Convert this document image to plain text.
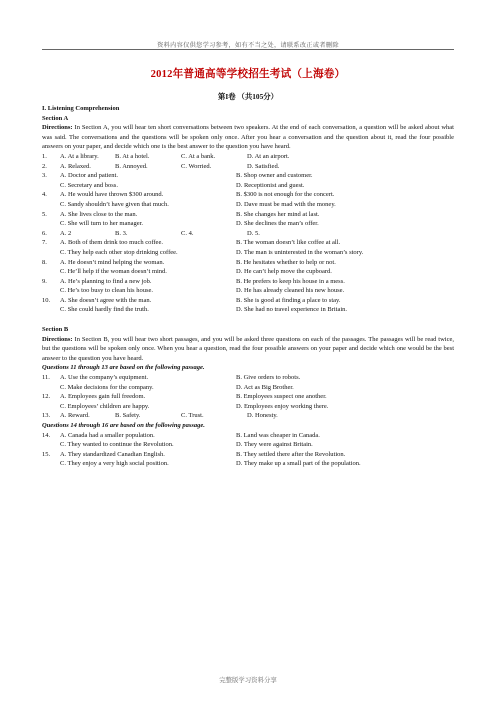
资料内容仅供您学习参考，如有不当之处，请联系改正或者删除
2012年普通高等学校招生考试（上海卷）
第I卷 （共105分）

I. Listening Comprehension

Section A

Directions: In Section A, you will hear ten short conversations between two speakers. At the end of each conversation, a question will be asked about what was said. The conversations and the questions will be spoken only once. After you hear a conversation and the question about it, read the four possible answers on your paper, and decide which one is the best answer to the question you have heard.

1.	A. At a library.	B. At a hotel.	C. At a bank.	D. At an airport.
2.	A. Relaxed.	B. Annoyed.	C. Worried.	D. Satisfied.
3.	A. Doctor and patient.	B. Shop owner and customer.
C. Secretary and boss.	D. Receptionist and guest.
4.	A. He would have thrown $300 around.	B. $300 is not enough for the concert.
C. Sandy shouldn’t have given that much.	D. Dave must be mad with the money.
5.	A. She lives close to the man.	B. She changes her mind at last.
C. She will turn to her manager.	D. She declines the man’s offer.
6.	A. 2	B. 3.	C. 4.	D. 5.
7.	A. Both of them drink too much coffee.	B. The woman doesn’t like coffee at all.
C. They help each other stop drinking coffee.	D. The man is uninterested in the woman’s story.
8.	A. He doesn’t mind helping the woman.	B. He hesitates whether to help or not.
C. He’ll help if the woman doesn’t mind.	D. He can’t help move the cupboard.
9.	A. He’s planning to find a new job.	B. He prefers to keep his house in a mess.
C. He’s too busy to clean his house.	D. He has already cleaned his new house.
10.	A. She doesn’t agree with the man.	B. She is good at finding a place to stay.
C. She could hardly find the truth.	D. She had no travel experience in Britain.

Section B

Directions: In Section B, you will hear two short passages, and you will be asked three questions on each of the passages. The passages will be read twice, but the questions will be spoken only once. When you hear a question, read the four possible answers on your paper and decide which one would be the best answer to the question you have heard.

Questions 11 through 13 are based on the following passage.

11.	A. Use the company’s equipment.	B. Give orders to robots.
C. Make decisions for the company.	D. Act as Big Brother.
12.	A. Employees gain full freedom.	B. Employees suspect one another.
C. Employees’ children are happy.	D. Employees enjoy working there.
13.	A. Reward.	B. Safety.	C. Trust.	D. Honesty.

Questions 14 through 16 are based on the following passage.

14.	A. Canada had a smaller population.	B. Land was cheaper in Canada.
C. They wanted to continue the Revolution.	D. They were against Britain.
15.	A. They standardized Canadian English.	B. They settled there after the Revolution.
C. They enjoy a very high social position.	D. They make up a small part of the population.
完整版学习资料分享
